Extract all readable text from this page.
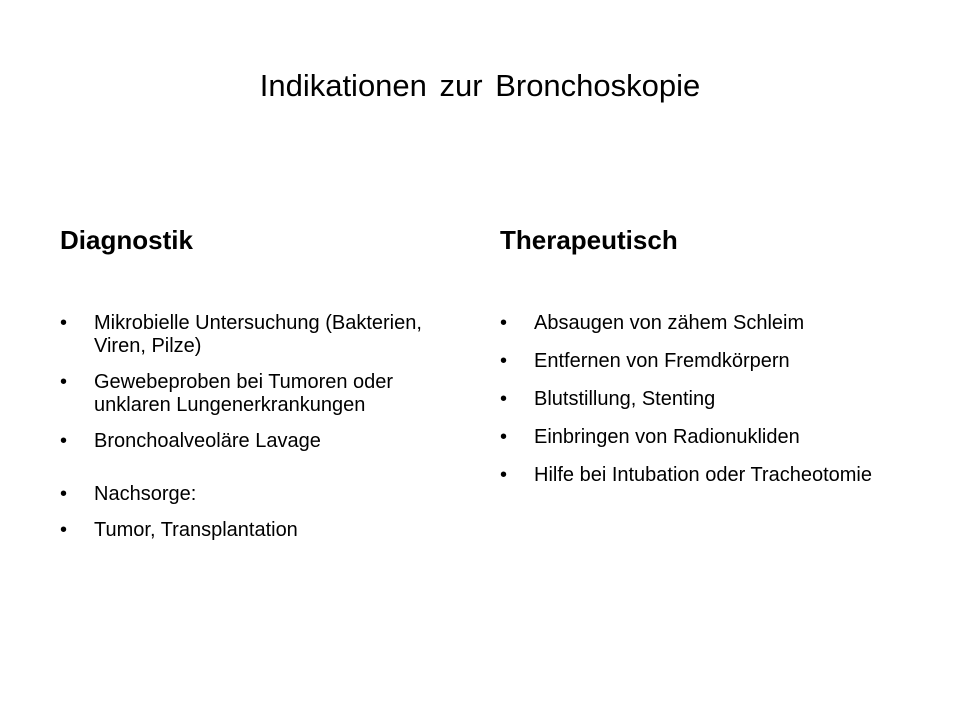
Indikationen zur Bronchoskopie
Diagnostik
• Mikrobielle Untersuchung (Bakterien, Viren, Pilze)
• Gewebeproben bei Tumoren oder unklaren Lungenerkrankungen
• Bronchoalveoläre Lavage
• Nachsorge:
• Tumor, Transplantation
Therapeutisch
• Absaugen von zähem Schleim
• Entfernen von Fremdkörpern
• Blutstillung, Stenting
• Einbringen von Radionukliden
• Hilfe bei Intubation oder Tracheotomie
